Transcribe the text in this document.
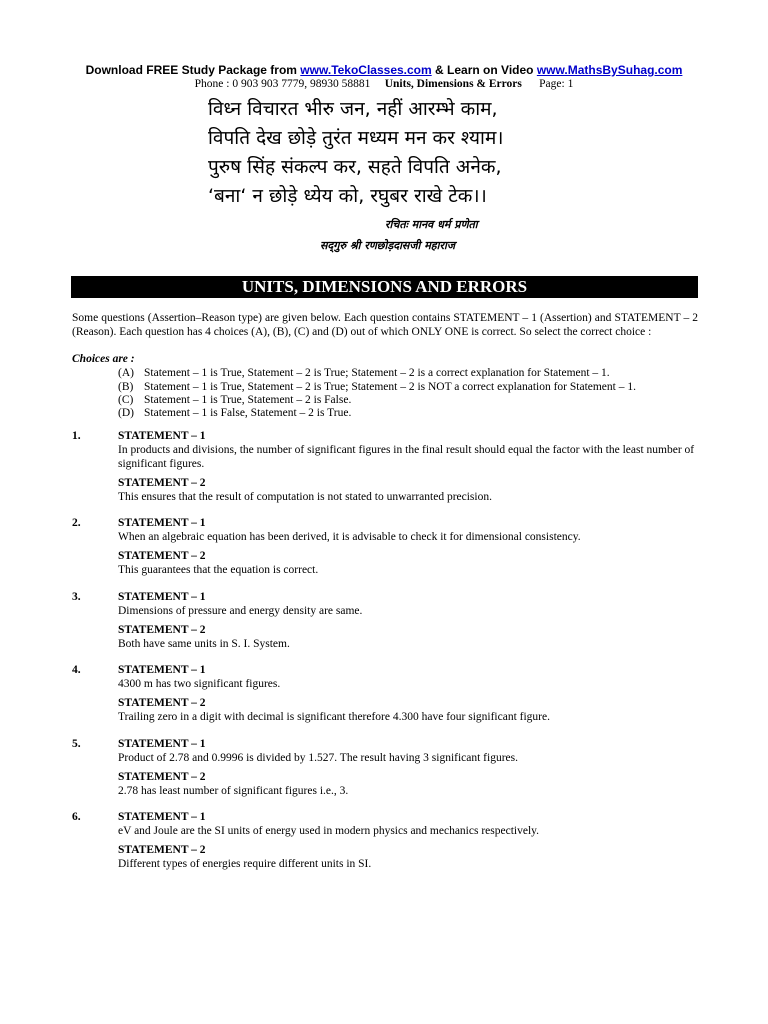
Download FREE Study Package from www.TekoClasses.com & Learn on Video www.MathsBySuhag.com
Phone : 0 903 903 7779, 98930 58881 Units, Dimensions & Errors Page: 1
विध्न विचारत भीरु जन, नहीं आरम्भे काम,
विपति देख छोड़े तुरंत मध्यम मन कर श्याम।
पुरुष सिंह संकल्प कर, सहते विपति अनेक,
‘बना‘ न छोड़े ध्येय को, रघुबर राखे टेक।।
रचितः मानव धर्म प्रणेता
सद्‌गुरु श्री रणछोड़दासजी महाराज
UNITS, DIMENSIONS AND ERRORS
Some questions (Assertion–Reason type) are given below. Each question contains STATEMENT – 1 (Assertion) and STATEMENT – 2 (Reason). Each question has 4 choices (A), (B), (C) and (D) out of which ONLY ONE is correct. So select the correct choice :
Choices are :
(A) Statement – 1 is True, Statement – 2 is True; Statement – 2 is a correct explanation for Statement – 1.
(B) Statement – 1 is True, Statement – 2 is True; Statement – 2 is NOT a correct explanation for Statement – 1.
(C) Statement – 1 is True, Statement – 2 is False.
(D) Statement – 1 is False, Statement – 2 is True.
1.	STATEMENT – 1

In products and divisions, the number of significant figures in the final result should equal the factor with the least number of significant figures.

STATEMENT – 2

This ensures that the result of computation is not stated to unwarranted precision.

2.	STATEMENT – 1

When an algebraic equation has been derived, it is advisable to check it for dimensional consistency.

STATEMENT – 2

This guarantees that the equation is correct.

3.	STATEMENT – 1

Dimensions of pressure and energy density are same.

STATEMENT – 2

Both have same units in S. I. System.

4.	STATEMENT – 1

4300 m has two significant figures.

STATEMENT – 2

Trailing zero in a digit with decimal is significant therefore 4.300 have four significant figure.

5.	STATEMENT – 1

Product of 2.78 and 0.9996 is divided by 1.527. The result having 3 significant figures.

STATEMENT – 2

2.78 has least number of significant figures i.e., 3.

6.	STATEMENT – 1

eV and Joule are the SI units of energy used in modern physics and mechanics respectively.

STATEMENT – 2

Different types of energies require different units in SI.
